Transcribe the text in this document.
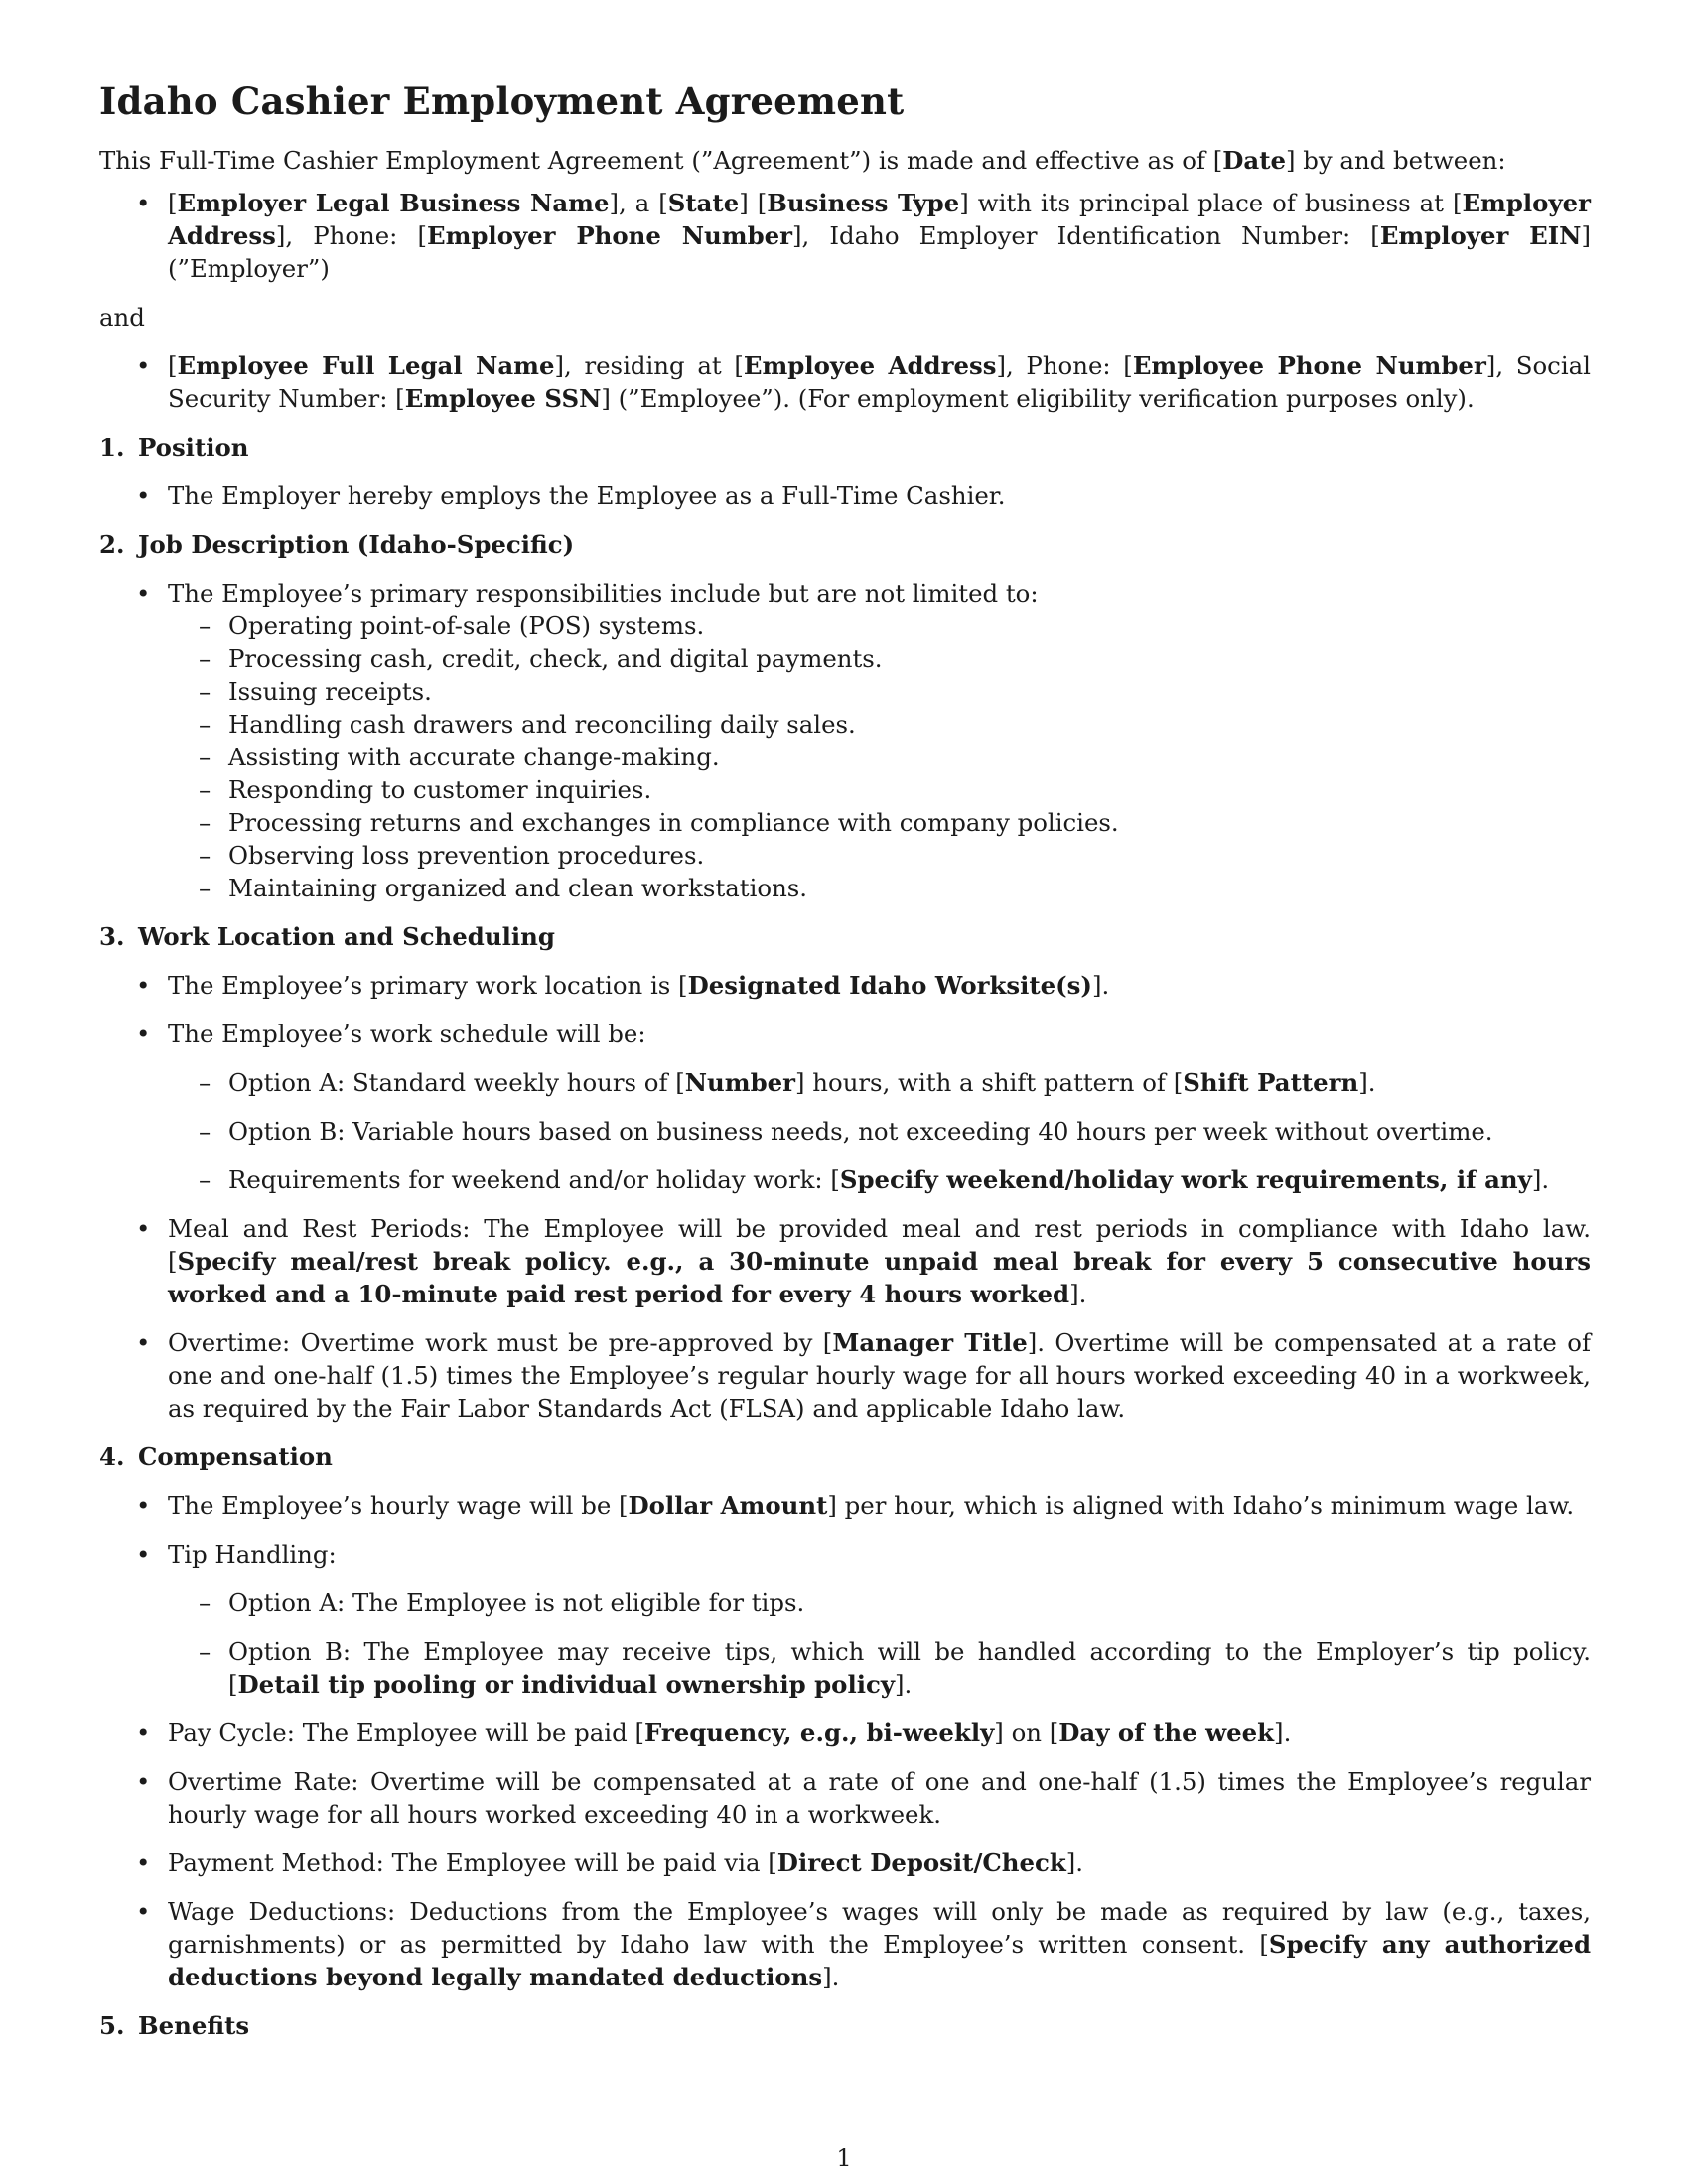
Idaho Cashier Employment Agreement

This Full-Time Cashier Employment Agreement (”Agreement”) is made and effective as of [Date] by and between:

• [Employer Legal Business Name], a [State] [Business Type] with its principal place of business at [Employer Address], Phone: [Employer Phone Number], Idaho Employer Identification Number: [Employer EIN] (”Employer”)

and

• [Employee Full Legal Name], residing at [Employee Address], Phone: [Employee Phone Number], Social Security Number: [Employee SSN] (”Employee”). (For employment eligibility verification purposes only).
1. Position
• The Employer hereby employs the Employee as a Full-Time Cashier.
2. Job Description (Idaho-Specific)
• The Employee’s primary responsibilities include but are not limited to:
– Operating point-of-sale (POS) systems.
– Processing cash, credit, check, and digital payments.
– Issuing receipts.
– Handling cash drawers and reconciling daily sales.
– Assisting with accurate change-making.
– Responding to customer inquiries.
– Processing returns and exchanges in compliance with company policies.
– Observing loss prevention procedures.
– Maintaining organized and clean workstations.
3. Work Location and Scheduling
• The Employee’s primary work location is [Designated Idaho Worksite(s)].
• The Employee’s work schedule will be:
– Option A: Standard weekly hours of [Number] hours, with a shift pattern of [Shift Pattern].
– Option B: Variable hours based on business needs, not exceeding 40 hours per week without overtime.
– Requirements for weekend and/or holiday work: [Specify weekend/holiday work requirements, if any].
• Meal and Rest Periods: The Employee will be provided meal and rest periods in compliance with Idaho law. [Specify meal/rest break policy. e.g., a 30-minute unpaid meal break for every 5 consecutive hours worked and a 10-minute paid rest period for every 4 hours worked].
• Overtime: Overtime work must be pre-approved by [Manager Title]. Overtime will be compensated at a rate of one and one-half (1.5) times the Employee’s regular hourly wage for all hours worked exceeding 40 in a workweek, as required by the Fair Labor Standards Act (FLSA) and applicable Idaho law.
4. Compensation
• The Employee’s hourly wage will be [Dollar Amount] per hour, which is aligned with Idaho’s minimum wage law.
• Tip Handling:
– Option A: The Employee is not eligible for tips.
– Option B: The Employee may receive tips, which will be handled according to the Employer’s tip policy. [Detail tip pooling or individual ownership policy].
• Pay Cycle: The Employee will be paid [Frequency, e.g., bi-weekly] on [Day of the week].
• Overtime Rate: Overtime will be compensated at a rate of one and one-half (1.5) times the Employee’s regular hourly wage for all hours worked exceeding 40 in a workweek.
• Payment Method: The Employee will be paid via [Direct Deposit/Check].
• Wage Deductions: Deductions from the Employee’s wages will only be made as required by law (e.g., taxes, garnishments) or as permitted by Idaho law with the Employee’s written consent. [Specify any authorized deductions beyond legally mandated deductions].
5. Benefits
1
